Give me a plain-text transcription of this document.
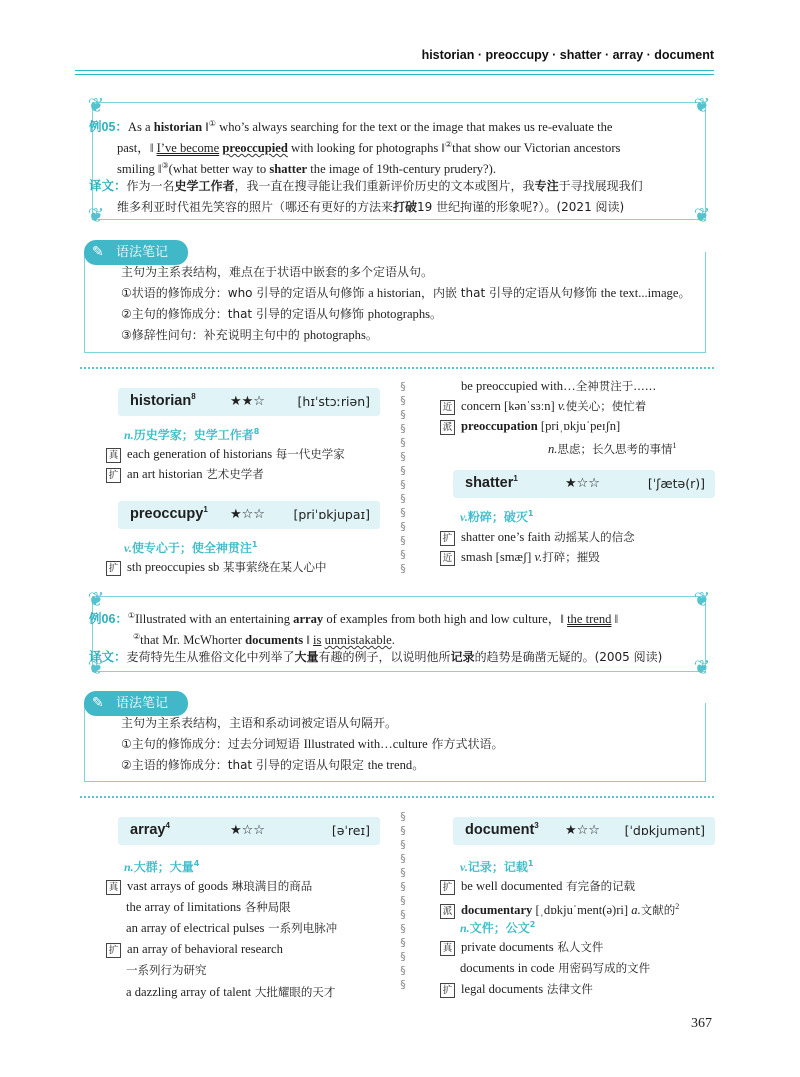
historian · preoccupy · shatter · array · document
❦	❦
❦	❦
例05：As a historian ‖① who’s always searching for the text or the image that makes us re-evaluate the
past，‖ I’ve become preoccupied with looking for photographs ‖②that show our Victorian ancestors
smiling ‖③(what better way to shatter the image of 19th-century prudery?).
译文：作为一名史学工作者，我一直在搜寻能让我们重新评价历史的文本或图片，我专注于寻找展现我们
维多利亚时代祖先笑容的照片（哪还有更好的方法来打破19 世纪拘谨的形象呢?）。(2021 阅读)
主句为主系表结构，难点在于状语中嵌套的多个定语从句。
①状语的修饰成分：who 引导的定语从句修饰 a historian，内嵌 that 引导的定语从句修饰 the text...image。
②主句的修饰成分：that 引导的定语从句修饰 photographs。
③修辞性问句：补充说明主句中的 photographs。
✎ 语法笔记
historian$^8$	★★☆	[hɪˈstɔːriən]
n.历史学家；史学工作者$^8$
真 each generation of historians 每一代史学家
扩 an art historian 艺术史学者
preoccupy$^1$ ★☆☆ [priˈɒkjupaɪ]
v.使专心于；使全神贯注$^1$
扩 sth preoccupies sb 某事萦绕在某人心中
§
§
§
§
§
§
§
§
§
§
§
§
§
§
be preoccupied with…全神贯注于……
近 concern [kənˈsɜːn] v.使关心；使忙着
派 preoccupation [priˌɒkjuˈpeɪʃn]
n.思虑；长久思考的事情$^1$
shatter$^1$	★☆☆	[ˈʃætə(r)]
v.粉碎；破灭$^1$
扩 shatter one’s faith 动摇某人的信念
近 smash [smæʃ] v.打碎；摧毁
❦	❦
❦	❦
例06：①Illustrated with an entertaining array of examples from both high and low culture，‖ the trend ‖
②that Mr. McWhorter documents ‖ is unmistakable.
译文：麦荷特先生从雅俗文化中列举了大量有趣的例子，以说明他所记录的趋势是确凿无疑的。(2005 阅读)
主句为主系表结构，主语和系动词被定语从句隔开。
①主句的修饰成分：过去分词短语 Illustrated with…culture 作方式状语。
②主语的修饰成分：that 引导的定语从句限定 the trend。
✎ 语法笔记
array$^4$	★☆☆	[əˈreɪ]
n.大群；大量$^4$
真 vast arrays of goods 琳琅满目的商品
the array of limitations 各种局限
an array of electrical pulses 一系列电脉冲
扩 an array of behavioral research
一系列行为研究
a dazzling array of talent 大批耀眼的天才
§
§
§
§
§
§
§
§
§
§
§
§
§
document$^3$ ★☆☆ [ˈdɒkjumənt]
v.记录；记载$^1$
扩 be well documented 有完备的记载
派 documentary [ˌdɒkjuˈment(ə)ri] a.文献的$^2$
n.文件；公文$^2$
真 private documents 私人文件
documents in code 用密码写成的文件
扩 legal documents 法律文件
367
